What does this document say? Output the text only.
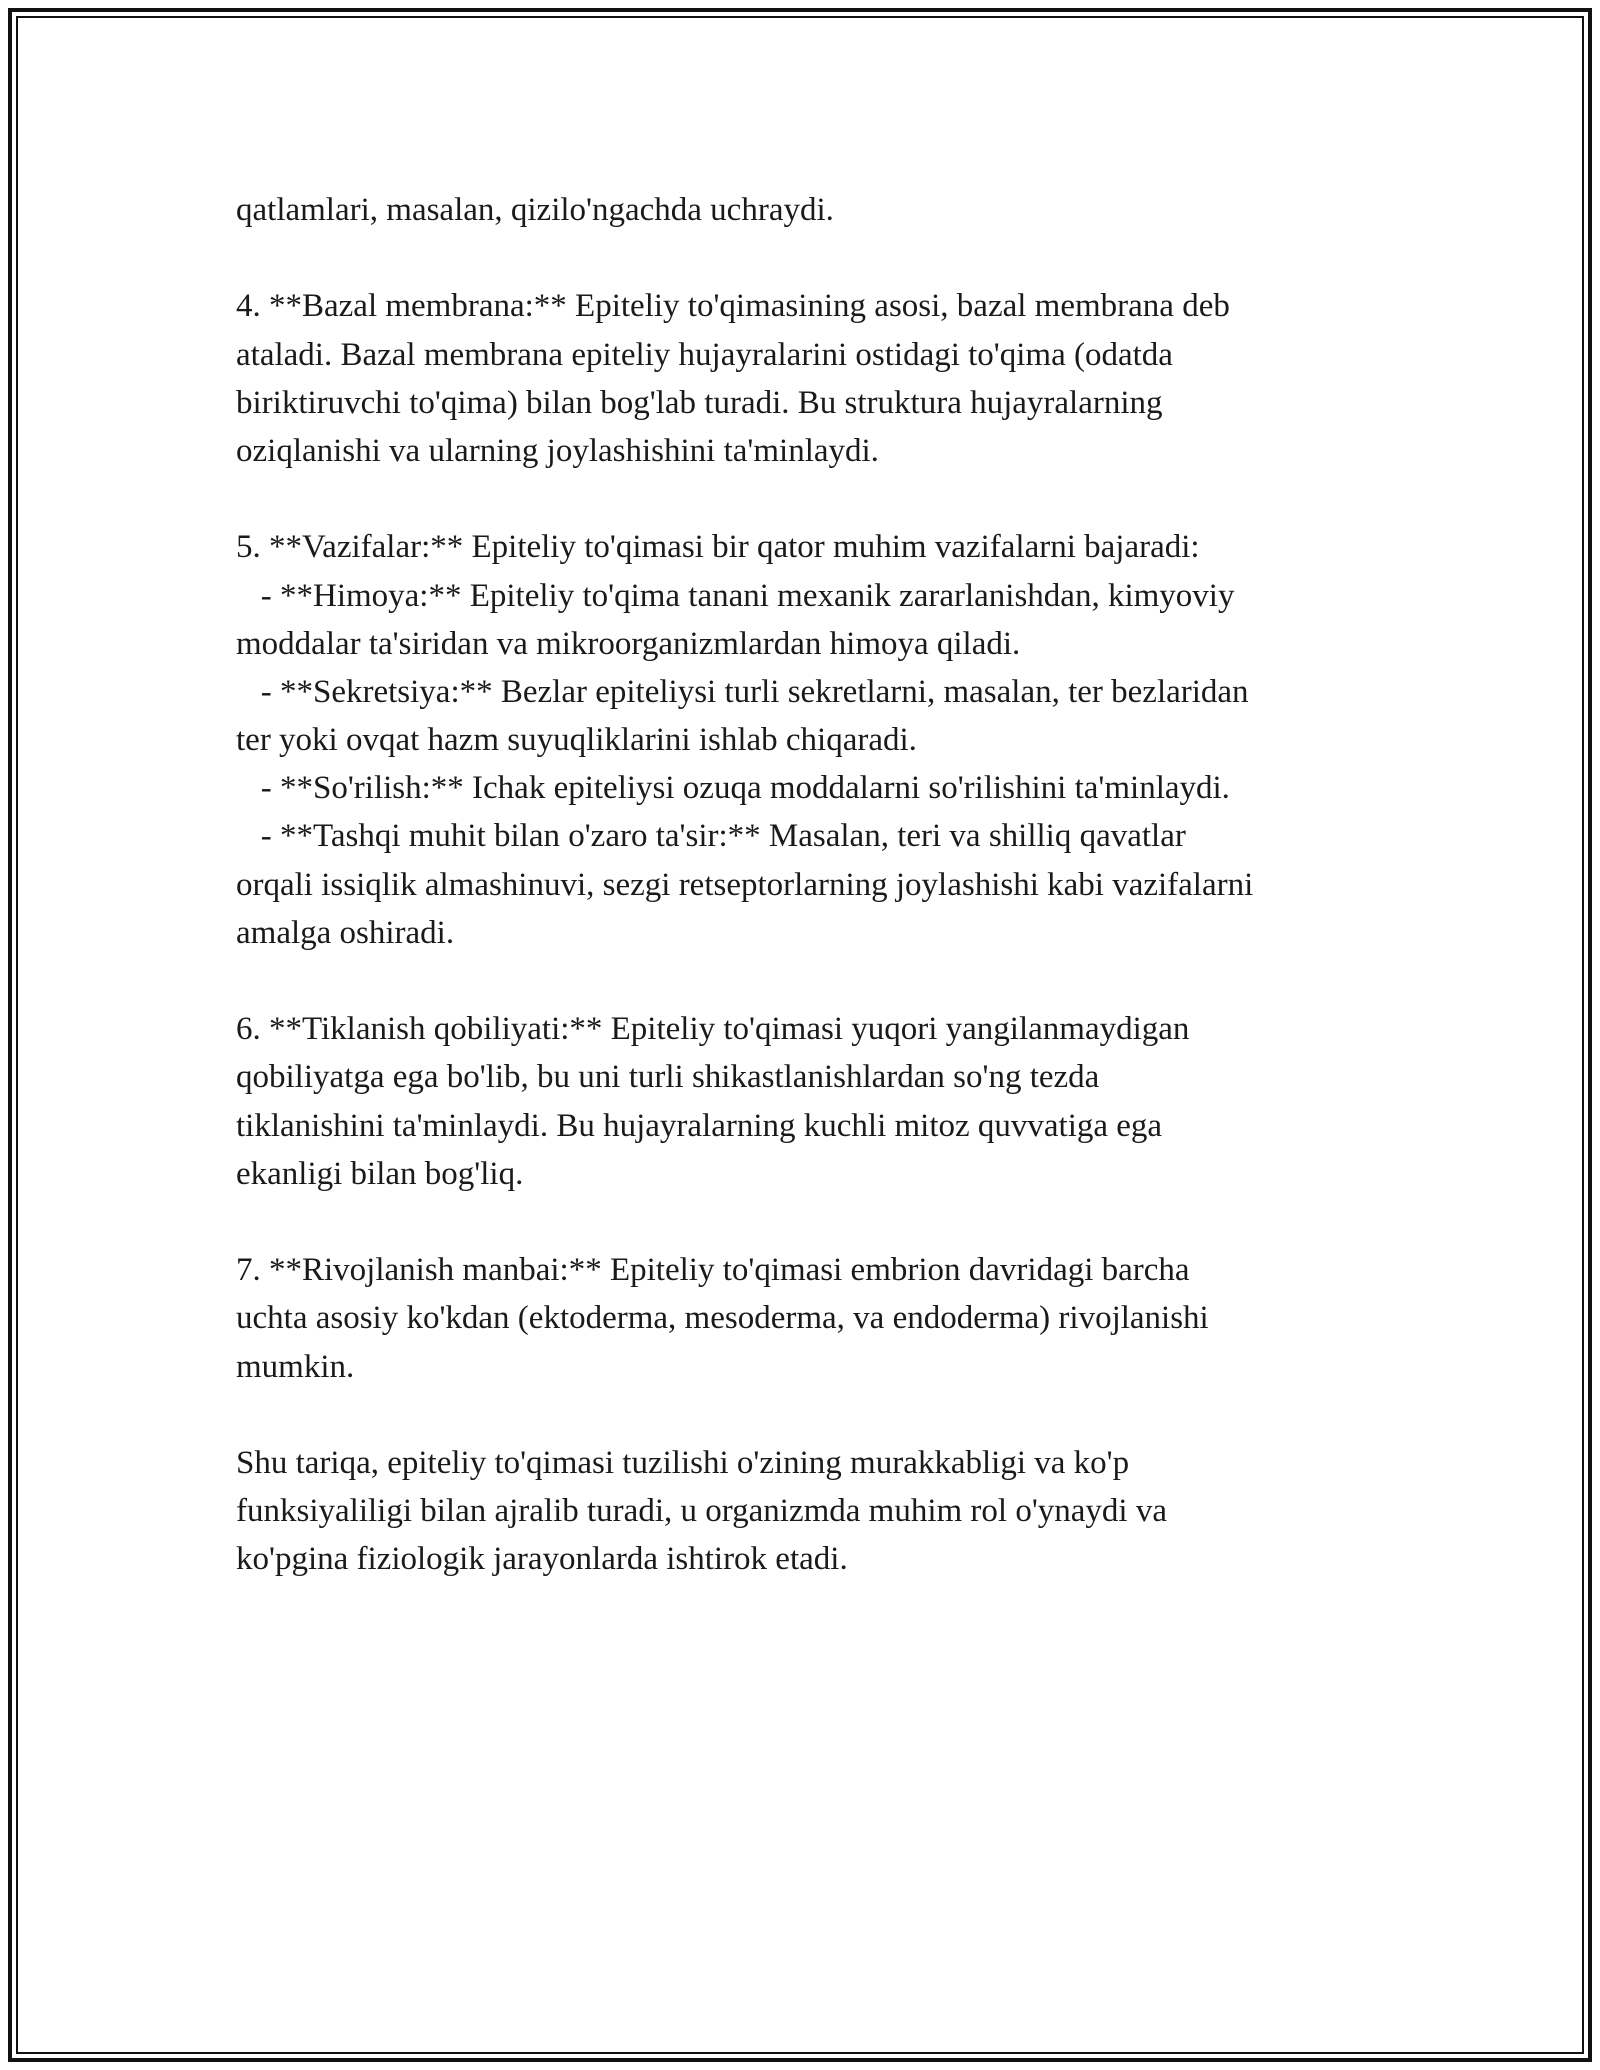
qatlamlari, masalan, qizilo'ngachda uchraydi.
4. **Bazal membrana:** Epiteliy to'qimasining asosi, bazal membrana deb
ataladi. Bazal membrana epiteliy hujayralarini ostidagi to'qima (odatda
biriktiruvchi to'qima) bilan bog'lab turadi. Bu struktura hujayralarning
oziqlanishi va ularning joylashishini ta'minlaydi.
5. **Vazifalar:** Epiteliy to'qimasi bir qator muhim vazifalarni bajaradi:
- **Himoya:** Epiteliy to'qima tanani mexanik zararlanishdan, kimyoviy
moddalar ta'siridan va mikroorganizmlardan himoya qiladi.
- **Sekretsiya:** Bezlar epiteliysi turli sekretlarni, masalan, ter bezlaridan
ter yoki ovqat hazm suyuqliklarini ishlab chiqaradi.
- **So'rilish:** Ichak epiteliysi ozuqa moddalarni so'rilishini ta'minlaydi.
- **Tashqi muhit bilan o'zaro ta'sir:** Masalan, teri va shilliq qavatlar
orqali issiqlik almashinuvi, sezgi retseptorlarning joylashishi kabi vazifalarni
amalga oshiradi.
6. **Tiklanish qobiliyati:** Epiteliy to'qimasi yuqori yangilanmaydigan
qobiliyatga ega bo'lib, bu uni turli shikastlanishlardan so'ng tezda
tiklanishini ta'minlaydi. Bu hujayralarning kuchli mitoz quvvatiga ega
ekanligi bilan bog'liq.
7. **Rivojlanish manbai:** Epiteliy to'qimasi embrion davridagi barcha
uchta asosiy ko'kdan (ektoderma, mesoderma, va endoderma) rivojlanishi
mumkin.
Shu tariqa, epiteliy to'qimasi tuzilishi o'zining murakkabligi va ko'p
funksiyaliligi bilan ajralib turadi, u organizmda muhim rol o'ynaydi va
ko'pgina fiziologik jarayonlarda ishtirok etadi.
